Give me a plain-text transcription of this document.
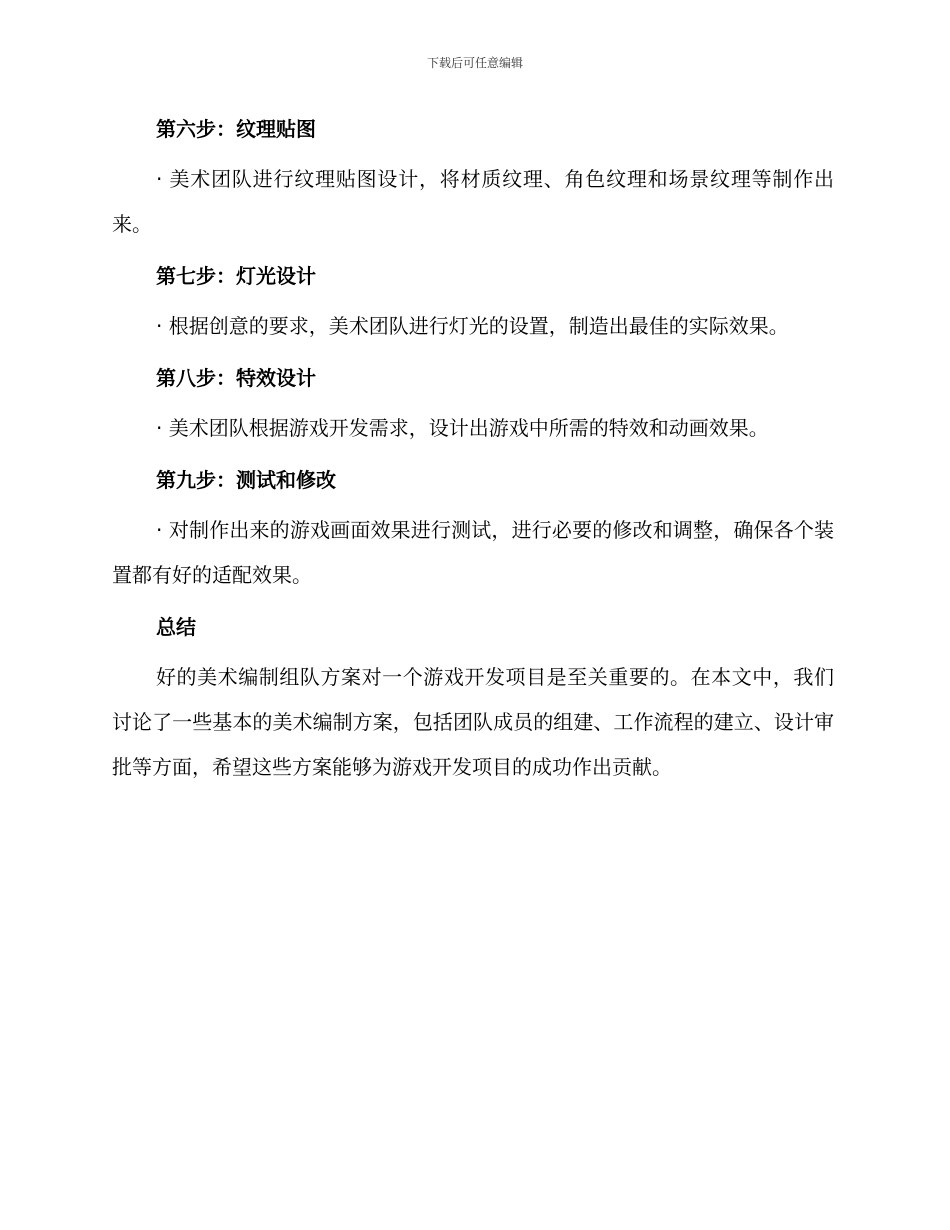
下载后可任意编辑
第六步：纹理贴图

· 美术团队进行纹理贴图设计，将材质纹理、角色纹理和场景纹理等制作出来。

第七步：灯光设计

· 根据创意的要求，美术团队进行灯光的设置，制造出最佳的实际效果。

第八步：特效设计

· 美术团队根据游戏开发需求，设计出游戏中所需的特效和动画效果。

第九步：测试和修改

· 对制作出来的游戏画面效果进行测试，进行必要的修改和调整，确保各个装置都有好的适配效果。

总结

好的美术编制组队方案对一个游戏开发项目是至关重要的。在本文中，我们讨论了一些基本的美术编制方案，包括团队成员的组建、工作流程的建立、设计审批等方面，希望这些方案能够为游戏开发项目的成功作出贡献。
